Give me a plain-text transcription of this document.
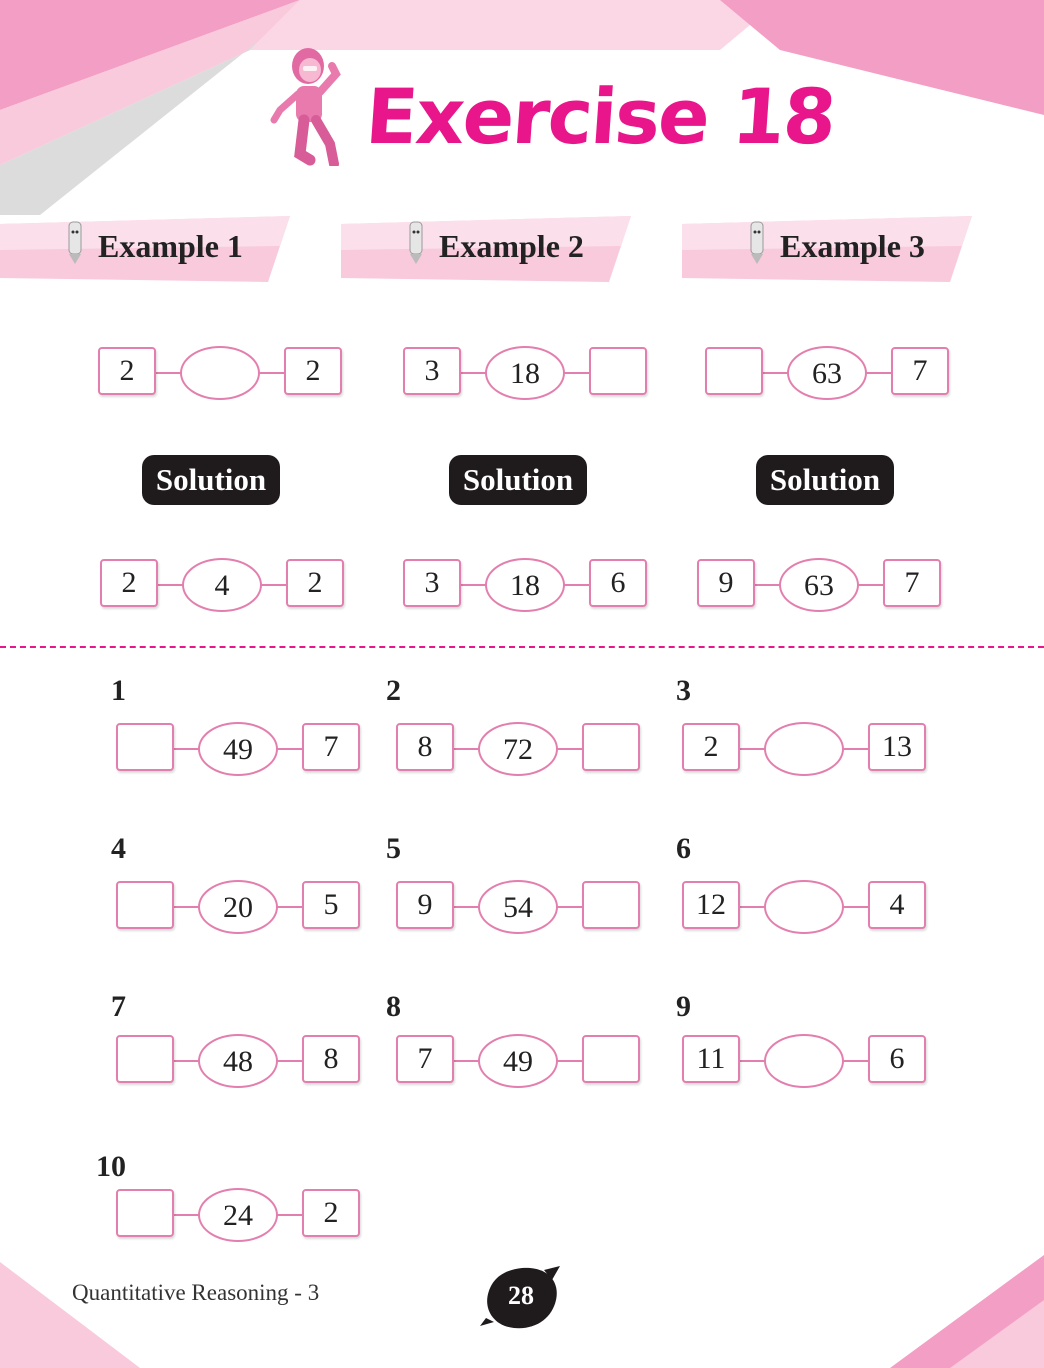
Exercise 18
Example 1	Example 2	Example 3
2	2	3	18	63	7
Solution	Solution	Solution
2	4	2	3	18	6	9	63	7
1
49	7
2
8	72
3
2	13
4
20	5
5
9	54
6
12	4
7
48	8
8
7	49
9
11	6
10
24	2
Quantitative Reasoning - 3	28
